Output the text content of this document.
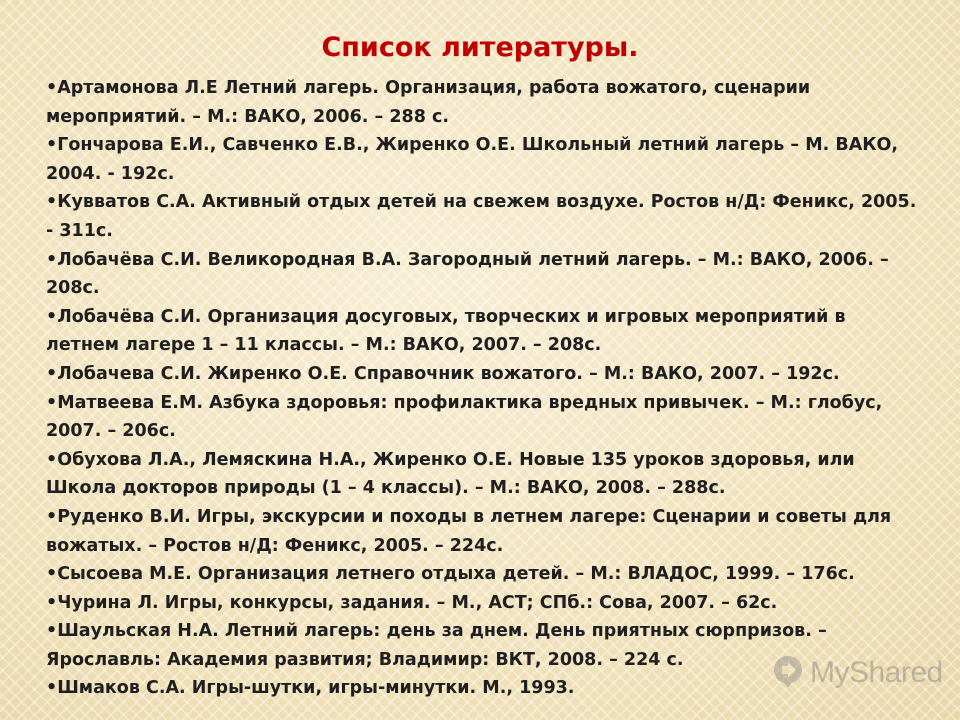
Список литературы.
•Артамонова Л.Е Летний лагерь. Организация, работа вожатого, сценарии
мероприятий. – М.: ВАКО, 2006. – 288 с.
•Гончарова Е.И., Савченко Е.В., Жиренко О.Е. Школьный летний лагерь – М. ВАКО,
2004. - 192с.
•Кувватов С.А. Активный отдых детей на свежем воздухе. Ростов н/Д: Феникс, 2005.
- 311с.
•Лобачёва С.И. Великородная В.А. Загородный летний лагерь. – М.: ВАКО, 2006. –
208с.
•Лобачёва С.И. Организация досуговых, творческих и игровых мероприятий в
летнем лагере 1 – 11 классы. – М.: ВАКО, 2007. – 208с.
•Лобачева С.И. Жиренко О.Е. Справочник вожатого. – М.: ВАКО, 2007. – 192с.
•Матвеева Е.М. Азбука здоровья: профилактика вредных привычек. – М.: глобус,
2007. – 206с.
•Обухова Л.А., Лемяскина Н.А., Жиренко О.Е. Новые 135 уроков здоровья, или
Школа докторов природы (1 – 4 классы). – М.: ВАКО, 2008. – 288с.
•Руденко В.И. Игры, экскурсии и походы в летнем лагере: Сценарии и советы для
вожатых. – Ростов н/Д: Феникс, 2005. – 224с.
•Сысоева М.Е. Организация летнего отдыха детей. – М.: ВЛАДОС, 1999. – 176с.
•Чурина Л. Игры, конкурсы, задания. – М., АСТ; СПб.: Сова, 2007. – 62с.
•Шаульская Н.А. Летний лагерь: день за днем. День приятных сюрпризов. –
Ярославль: Академия развития; Владимир: ВКТ, 2008. – 224 с.
•Шмаков С.А. Игры-шутки, игры-минутки. М., 1993.	MyShared
